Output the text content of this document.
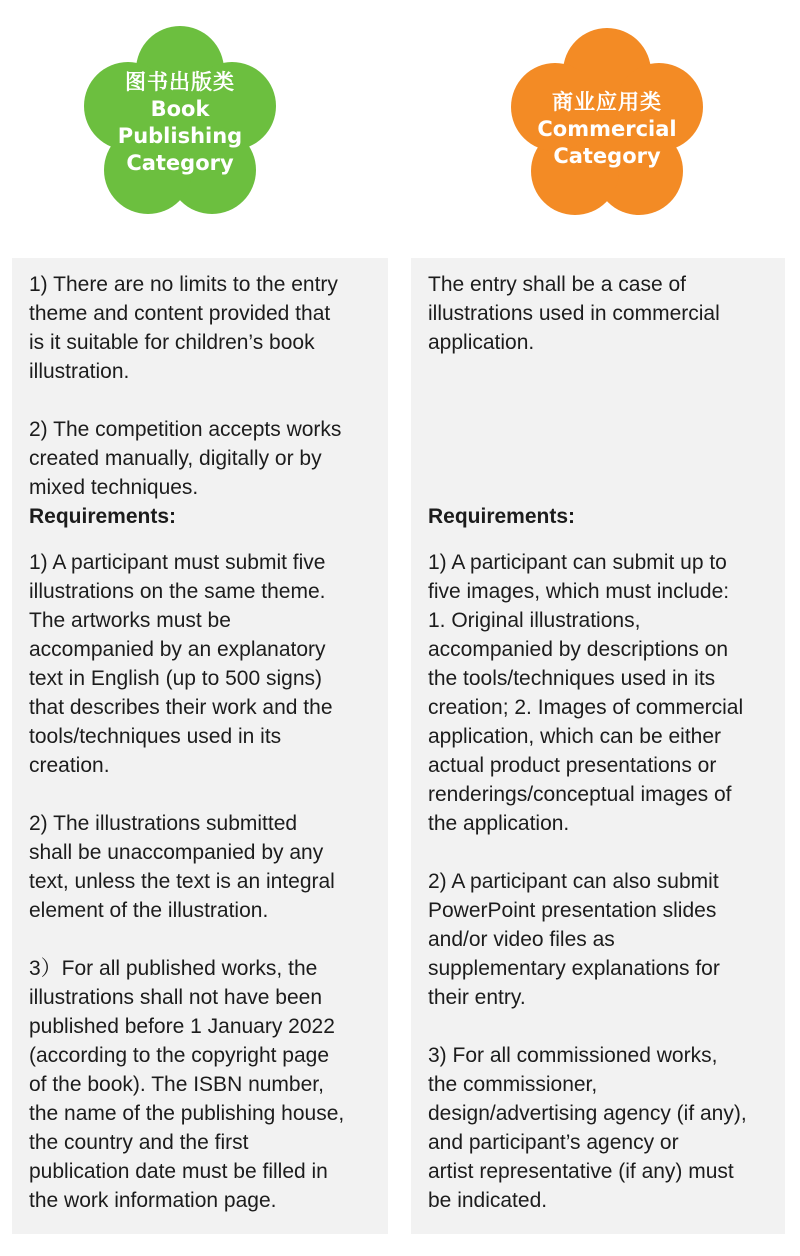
图书出版类
Book
Publishing
Category
商业应用类
Commercial
Category

1) There are no limits to the entry
theme and content provided that
is it suitable for children’s book
illustration.

2) The competition accepts works
created manually, digitally or by
mixed techniques.

Requirements:

1) A participant must submit five
illustrations on the same theme.
The artworks must be
accompanied by an explanatory
text in English (up to 500 signs)
that describes their work and the
tools/techniques used in its
creation.

2) The illustrations submitted
shall be unaccompanied by any
text, unless the text is an integral
element of the illustration.

3）For all published works, the
illustrations shall not have been
published before 1 January 2022
(according to the copyright page
of the book). The ISBN number,
the name of the publishing house,
the country and the first
publication date must be filled in
the work information page.

The entry shall be a case of
illustrations used in commercial
application.

Requirements:

1) A participant can submit up to
five images, which must include:
1. Original illustrations,
accompanied by descriptions on
the tools/techniques used in its
creation; 2. Images of commercial
application, which can be either
actual product presentations or
renderings/conceptual images of
the application.

2) A participant can also submit
PowerPoint presentation slides
and/or video files as
supplementary explanations for
their entry.

3) For all commissioned works,
the commissioner,
design/advertising agency (if any),
and participant’s agency or
artist representative (if any) must
be indicated.
